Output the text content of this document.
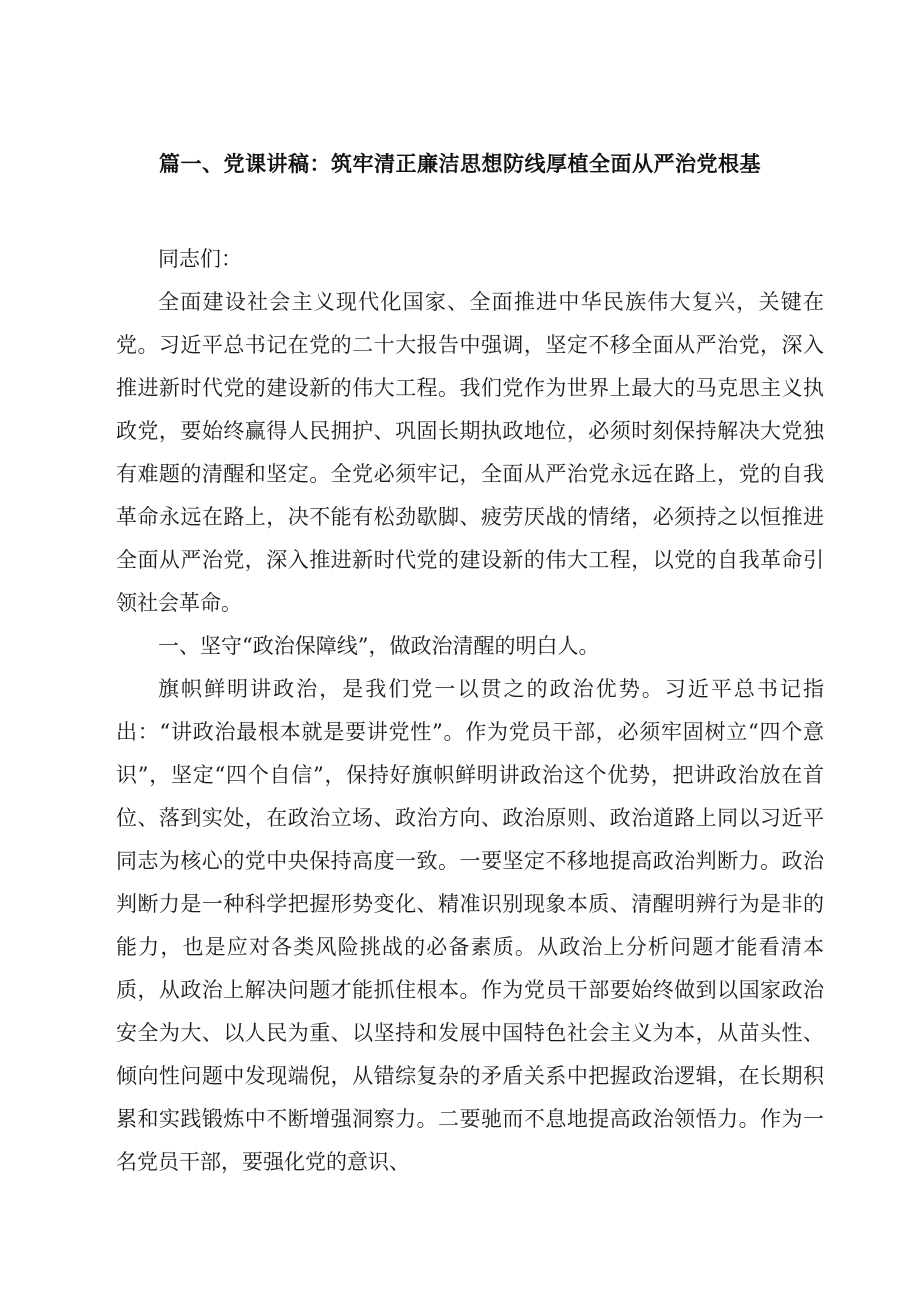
篇一、党课讲稿：筑牢清正廉洁思想防线厚植全面从严治党根基

同志们：

全面建设社会主义现代化国家、全面推进中华民族伟大复兴，关键在党。习近平总书记在党的二十大报告中强调，坚定不移全面从严治党，深入推进新时代党的建设新的伟大工程。我们党作为世界上最大的马克思主义执政党，要始终赢得人民拥护、巩固长期执政地位，必须时刻保持解决大党独有难题的清醒和坚定。全党必须牢记，全面从严治党永远在路上，党的自我革命永远在路上，决不能有松劲歇脚、疲劳厌战的情绪，必须持之以恒推进全面从严治党，深入推进新时代党的建设新的伟大工程，以党的自我革命引领社会革命。

一、坚守“政治保障线”，做政治清醒的明白人。

旗帜鲜明讲政治，是我们党一以贯之的政治优势。习近平总书记指出：“讲政治最根本就是要讲党性”。作为党员干部，必须牢固树立“四个意识”，坚定“四个自信”，保持好旗帜鲜明讲政治这个优势，把讲政治放在首位、落到实处，在政治立场、政治方向、政治原则、政治道路上同以习近平同志为核心的党中央保持高度一致。一要坚定不移地提高政治判断力。政治判断力是一种科学把握形势变化、精准识别现象本质、清醒明辨行为是非的能力，也是应对各类风险挑战的必备素质。从政治上分析问题才能看清本质，从政治上解决问题才能抓住根本。作为党员干部要始终做到以国家政治安全为大、以人民为重、以坚持和发展中国特色社会主义为本，从苗头性、倾向性问题中发现端倪，从错综复杂的矛盾关系中把握政治逻辑，在长期积累和实践锻炼中不断增强洞察力。二要驰而不息地提高政治领悟力。作为一名党员干部，要强化党的意识、
